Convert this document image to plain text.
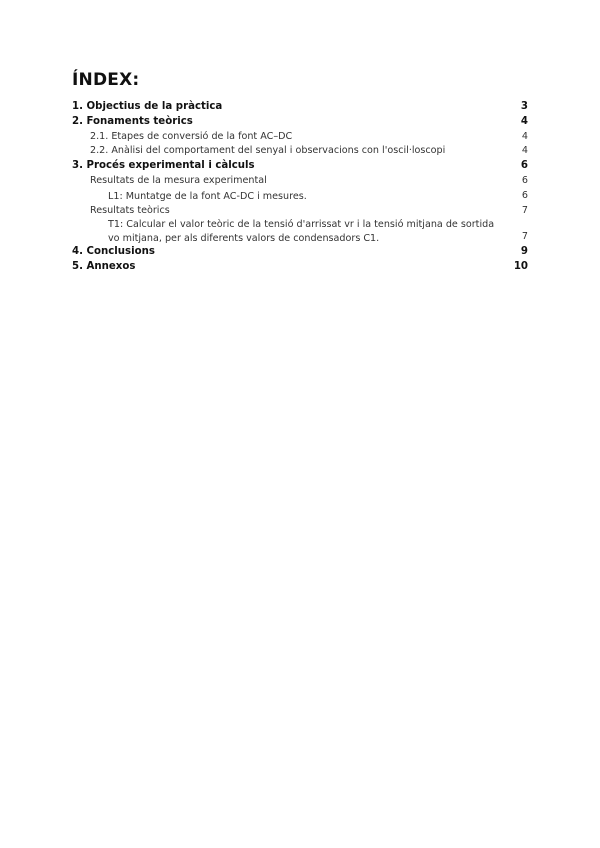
ÍNDEX:
1. Objectius de la pràctica	3
2. Fonaments teòrics	4
2.1. Etapes de conversió de la font AC–DC	4
2.2. Anàlisi del comportament del senyal i observacions con l'oscil·loscopi	4
3. Procés experimental i càlculs	6
Resultats de la mesura experimental	6
L1: Muntatge de la font AC-DC i mesures.	6
Resultats teòrics	7
T1: Calcular el valor teòric de la tensió d'arrissat vr i la tensió mitjana de sortida vo mitjana, per als diferents valors de condensadors C1.	7
4. Conclusions	9
5. Annexos	10
